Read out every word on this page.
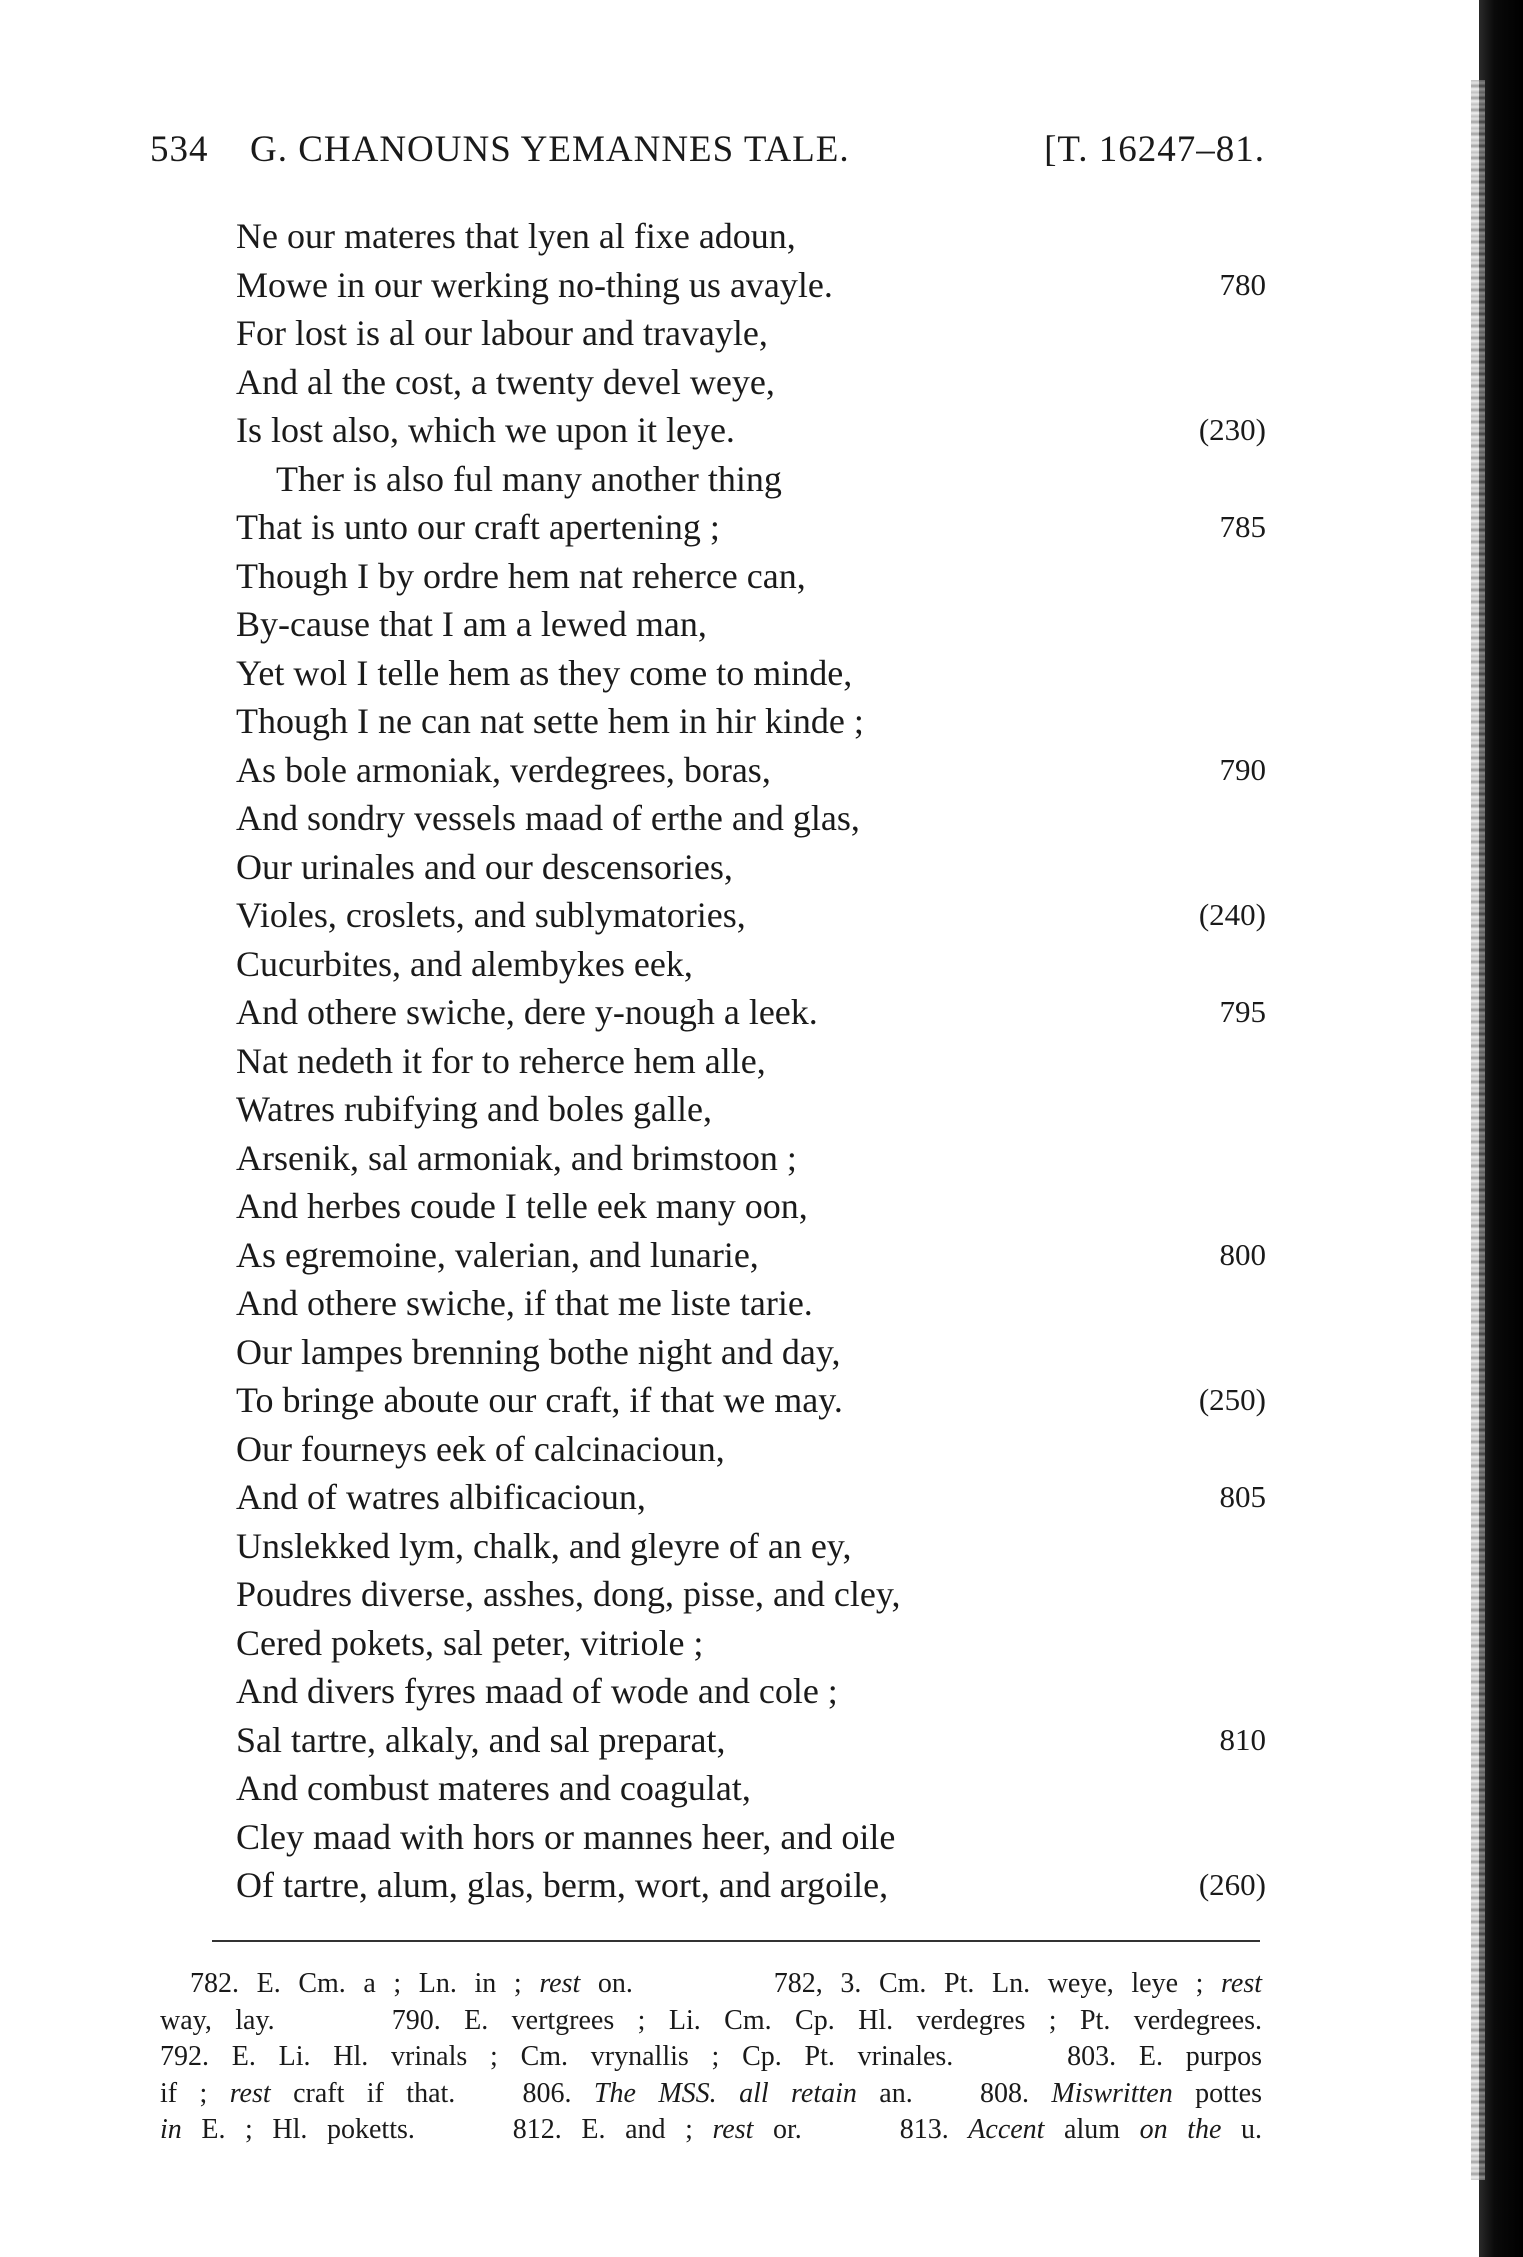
534 G. CHANOUNS YEMANNES TALE.	[T. 16247–81.
Ne our materes that lyen al fixe adoun,
Mowe in our werking no-thing us avayle.	780
For lost is al our labour and travayle,
And al the cost, a twenty devel weye,
Is lost also, which we upon it leye.	(230)
Ther is also ful many another thing
That is unto our craft apertening ;	785
Though I by ordre hem nat reherce can,
By-cause that I am a lewed man,
Yet wol I telle hem as they come to minde,
Though I ne can nat sette hem in hir kinde ;
As bole armoniak, verdegrees, boras,	790
And sondry vessels maad of erthe and glas,
Our urinales and our descensories,
Violes, croslets, and sublymatories,	(240)
Cucurbites, and alembykes eek,
And othere swiche, dere y-nough a leek.	795
Nat nedeth it for to reherce hem alle,
Watres rubifying and boles galle,
Arsenik, sal armoniak, and brimstoon ;
And herbes coude I telle eek many oon,
As egremoine, valerian, and lunarie,	800
And othere swiche, if that me liste tarie.
Our lampes brenning bothe night and day,
To bringe aboute our craft, if that we may.	(250)
Our fourneys eek of calcinacioun,
And of watres albificacioun,	805
Unslekked lym, chalk, and gleyre of an ey,
Poudres diverse, asshes, dong, pisse, and cley,
Cered pokets, sal peter, vitriole ;
And divers fyres maad of wode and cole ;
Sal tartre, alkaly, and sal preparat,	810
And combust materes and coagulat,
Cley maad with hors or mannes heer, and oile
Of tartre, alum, glas, berm, wort, and argoile,	(260)
782. E. Cm. a ; Ln. in ; rest on.        782, 3. Cm. Pt. Ln. weye, leye ; rest
way, lay.     790. E. vertgrees ; Li. Cm. Cp. Hl. verdegres ; Pt. verdegrees.
792. E. Li. Hl. vrinals ; Cm. vrynallis ; Cp. Pt. vrinales.     803. E. purpos
if ; rest craft if that.   806. The MSS. all retain an.   808. Miswritten pottes
in E. ; Hl. poketts.     812. E. and ; rest or.     813. Accent alum on the u.
